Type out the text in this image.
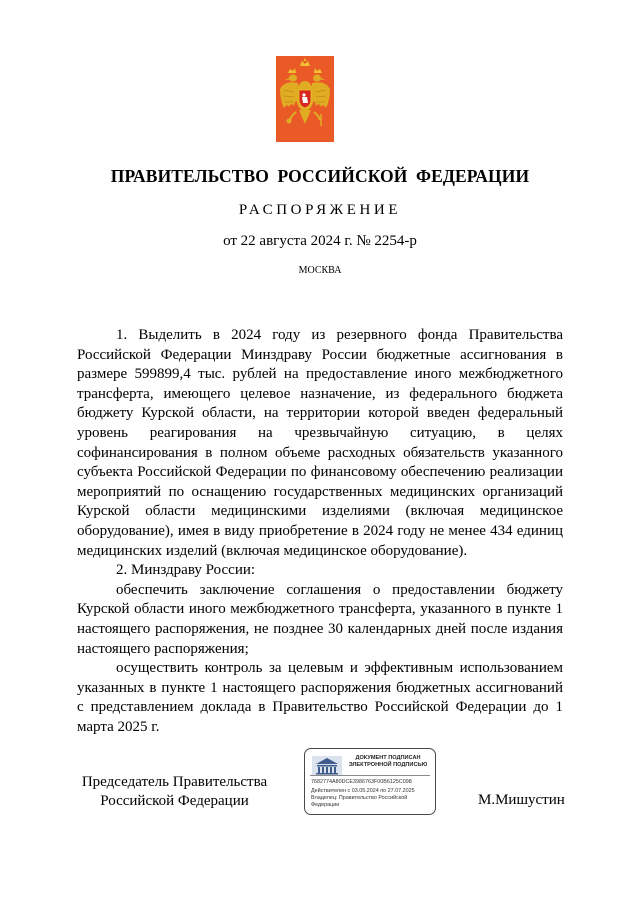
ПРАВИТЕЛЬСТВО РОССИЙСКОЙ ФЕДЕРАЦИИ
РАСПОРЯЖЕНИЕ
от 22 августа 2024 г. № 2254-р
МОСКВА

1. Выделить в 2024 году из резервного фонда Правительства Российской Федерации Минздраву России бюджетные ассигнования в размере 599899,4 тыс. рублей на предоставление иного межбюджетного трансферта, имеющего целевое назначение, из федерального бюджета бюджету Курской области, на территории которой введен федеральный уровень реагирования на чрезвычайную ситуацию, в целях софинансирования в полном объеме расходных обязательств указанного субъекта Российской Федерации по финансовому обеспечению реализации мероприятий по оснащению государственных медицинских организаций Курской области медицинскими изделиями (включая медицинское оборудование), имея в виду приобретение в 2024 году не менее 434 единиц медицинских изделий (включая медицинское оборудование).

2. Минздраву России:

обеспечить заключение соглашения о предоставлении бюджету Курской области иного межбюджетного трансферта, указанного в пункте 1 настоящего распоряжения, не позднее 30 календарных дней после издания настоящего распоряжения;

осуществить контроль за целевым и эффективным использованием указанных в пункте 1 настоящего распоряжения бюджетных ассигнований с представлением доклада в Правительство Российской Федерации до 1 марта 2025 г.

Председатель Правительства
Российской Федерации
ДОКУМЕНТ ПОДПИСАН
ЭЛЕКТРОННОЙ ПОДПИСЬЮ
7682774A80DCE3986763F00B6125C098
Действителен с 03.05.2024 по 27.07.2025
Владелец: Правительство Российской
Федерации	М.Мишустин
